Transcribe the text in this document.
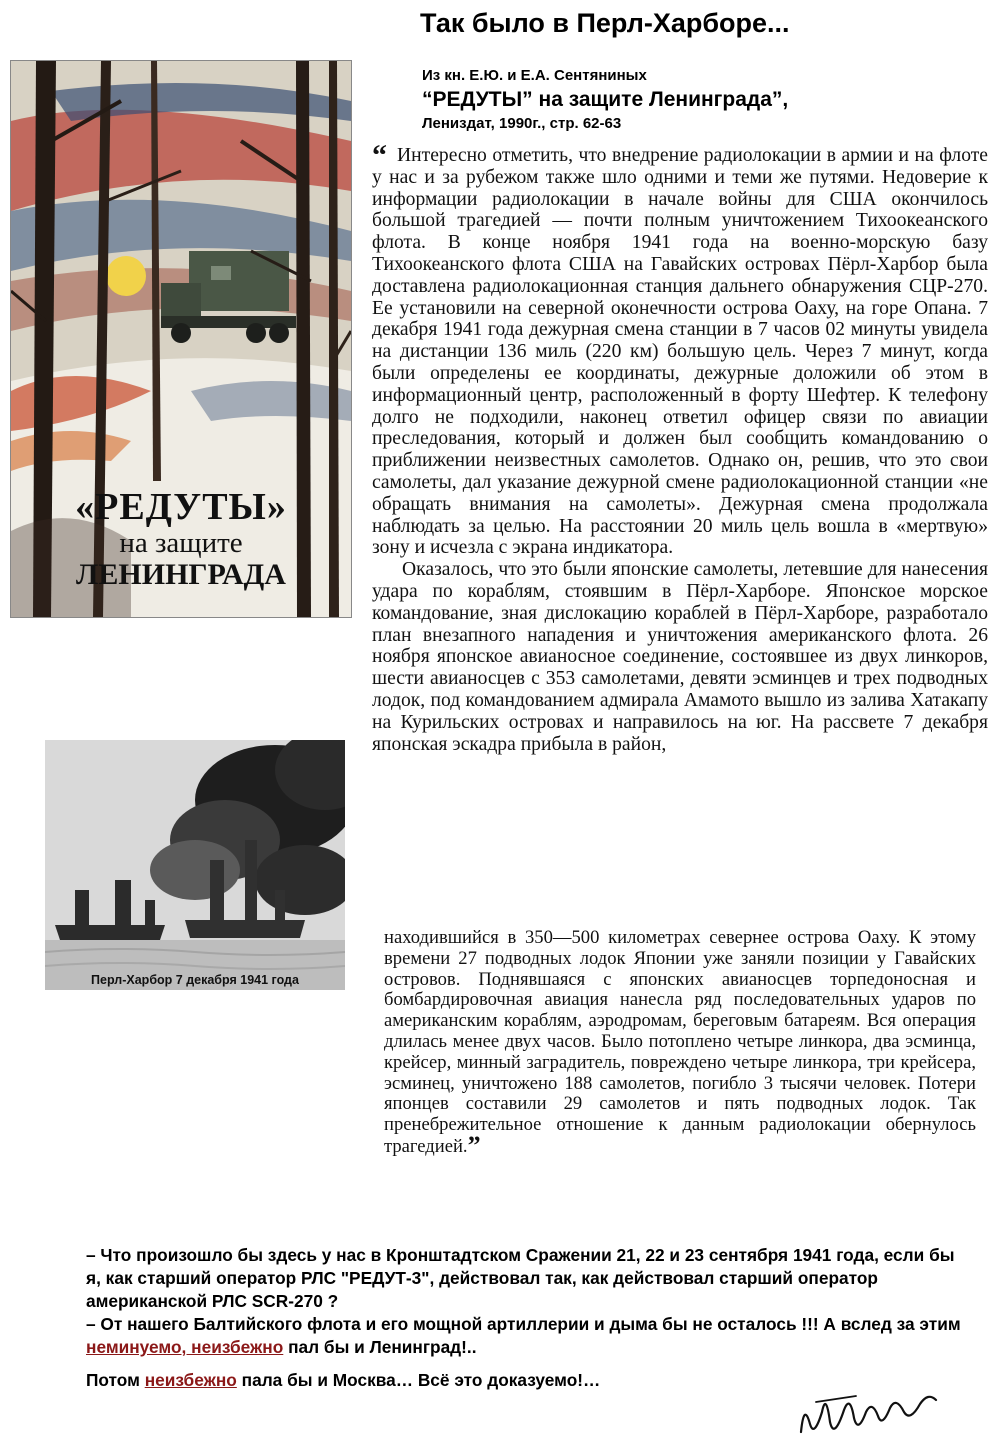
Так было в Перл-Харборе...
Из кн. Е.Ю. и Е.А. Сентяниных
“РЕДУТЫ” на защите Ленинграда”,
Лениздат, 1990г., стр. 62-63
«РЕДУТЫ»
на защите
ЛЕНИНГРАДА
Перл-Харбор 7 декабря 1941 года

“ Интересно отметить, что внедрение радиолокации в армии и на флоте у нас и за рубежом также шло одними и теми же путями. Недоверие к информации радиолокации в начале войны для США окончилось большой трагедией — почти полным уничтожением Тихоокеанского флота. В конце ноября 1941 года на военно-морскую базу Тихоокеанского флота США на Гавайских островах Пёрл-Харбор была доставлена радиолокационная станция дальнего обнаружения СЦР-270. Ее установили на северной оконечности острова Оаху, на горе Опана. 7 декабря 1941 года дежурная смена станции в 7 часов 02 минуты увидела на дистанции 136 миль (220 км) большую цель. Через 7 минут, когда были определены ее координаты, дежурные доложили об этом в информационный центр, расположенный в форту Шефтер. К телефону долго не подходили, наконец ответил офицер связи по авиации преследования, который и должен был сообщить командованию о приближении неизвестных самолетов. Однако он, решив, что это свои самолеты, дал указание дежурной смене радиолокационной станции «не обращать внимания на самолеты». Дежурная смена продолжала наблюдать за целью. На расстоянии 20 миль цель вошла в «мертвую» зону и исчезла с экрана индикатора.

Оказалось, что это были японские самолеты, летевшие для нанесения удара по кораблям, стоявшим в Пёрл-Харборе. Японское морское командование, зная дислокацию кораблей в Пёрл-Харборе, разработало план внезапного нападения и уничтожения американского флота. 26 ноября японское авианосное соединение, состоявшее из двух линкоров, шести авианосцев с 353 самолетами, девяти эсминцев и трех подводных лодок, под командованием адмирала Амамото вышло из залива Хатакапу на Курильских островах и направилось на юг. На рассвете 7 декабря японская эскадра прибыла в район,

находившийся в 350—500 километрах севернее острова Оаху. К этому времени 27 подводных лодок Японии уже заняли позиции у Гавайских островов. Поднявшаяся с японских авианосцев торпедоносная и бомбардировочная авиация нанесла ряд последовательных ударов по американским кораблям, аэродромам, береговым батареям. Вся операция длилась менее двух часов. Было потоплено четыре линкора, два эсминца, крейсер, минный заградитель, повреждено четыре линкора, три крейсера, эсминец, уничтожено 188 самолетов, погибло 3 тысячи человек. Потери японцев составили 29 самолетов и пять подводных лодок. Так пренебрежительное отношение к данным радиолокации обернулось трагедией.”

– Что произошло бы здесь у нас в Кронштадтском Сражении 21, 22 и 23 сентября 1941 года, если бы я, как старший оператор РЛС "РЕДУТ-3", действовал так, как действовал старший оператор американской РЛС SCR-270 ?

– От нашего Балтийского флота и его мощной артиллерии и дыма бы не осталось !!! А вслед за этим неминуемо, неизбежно пал бы и Ленинград!..

Потом неизбежно пала бы и Москва… Всё это доказуемо!…
